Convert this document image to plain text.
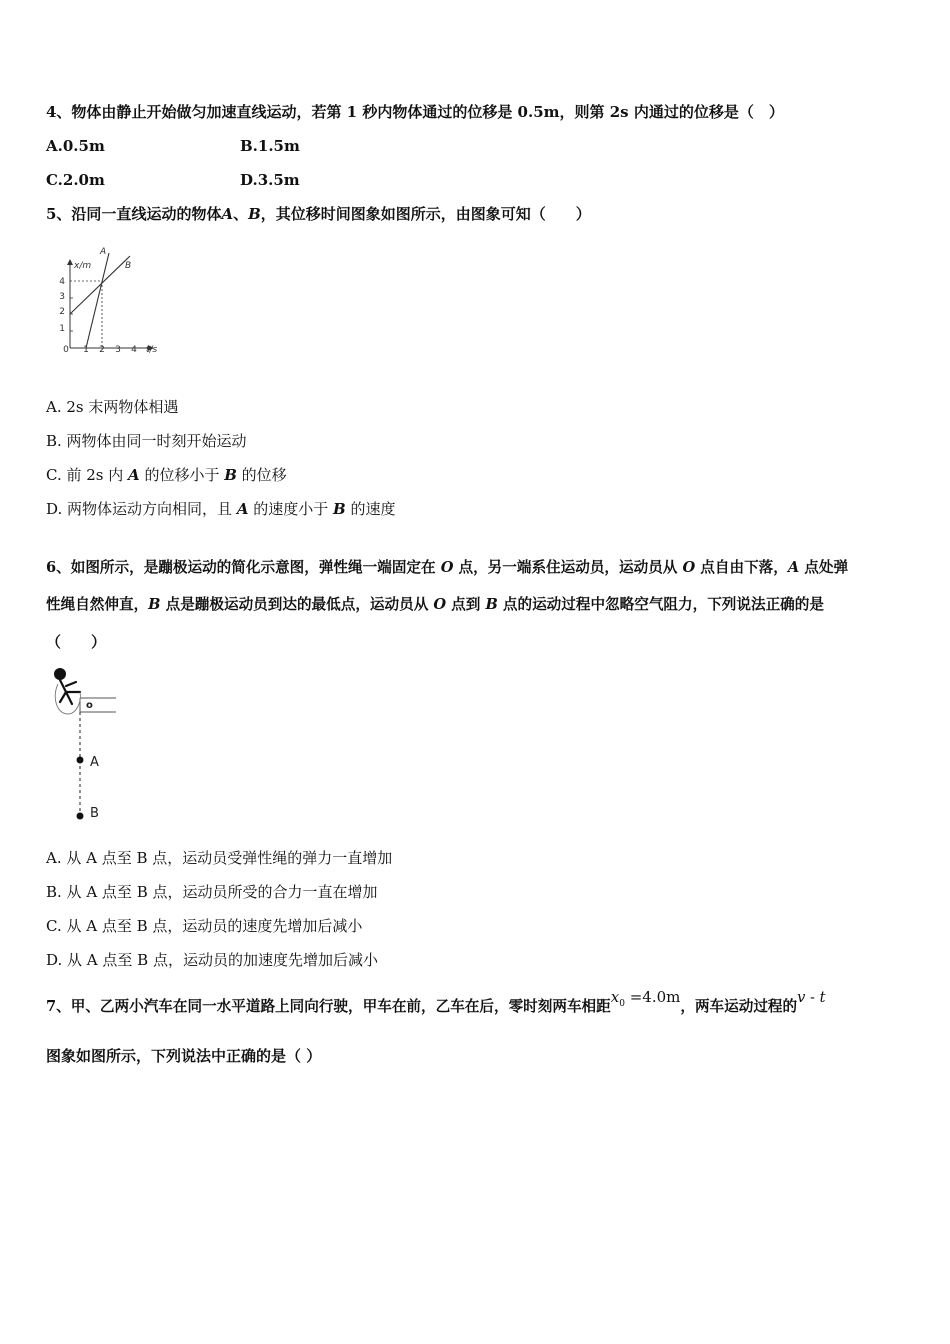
4、物体由静止开始做匀加速直线运动，若第 1 秒内物体通过的位移是 0.5m，则第 2s 内通过的位移是（　）
A.0.5m	B.1.5m
C.2.0m	D.3.5m
5、沿同一直线运动的物体A、B，其位移时间图象如图所示，由图象可知（　　）
x/m
t/s
A
B
0
1
2
3
4
1 2 3 4
A. 2s 末两物体相遇
B. 两物体由同一时刻开始运动
C. 前 2s 内 A 的位移小于 B 的位移
D. 两物体运动方向相同，且 A 的速度小于 B 的速度
6、如图所示，是蹦极运动的简化示意图，弹性绳一端固定在 O 点，另一端系住运动员，运动员从 O 点自由下落，A 点处弹
性绳自然伸直，B 点是蹦极运动员到达的最低点，运动员从 O 点到 B 点的运动过程中忽略空气阻力，下列说法正确的是
（　　）
o
A
B
A. 从 A 点至 B 点，运动员受弹性绳的弹力一直增加
B. 从 A 点至 B 点，运动员所受的合力一直在增加
C. 从 A 点至 B 点，运动员的速度先增加后减小
D. 从 A 点至 B 点，运动员的加速度先增加后减小
7、甲、乙两小汽车在同一水平道路上同向行驶，甲车在前，乙车在后，零时刻两车相距$x_0 =4.0m$，两车运动过程的v - t
图象如图所示，下列说法中正确的是（ ）
